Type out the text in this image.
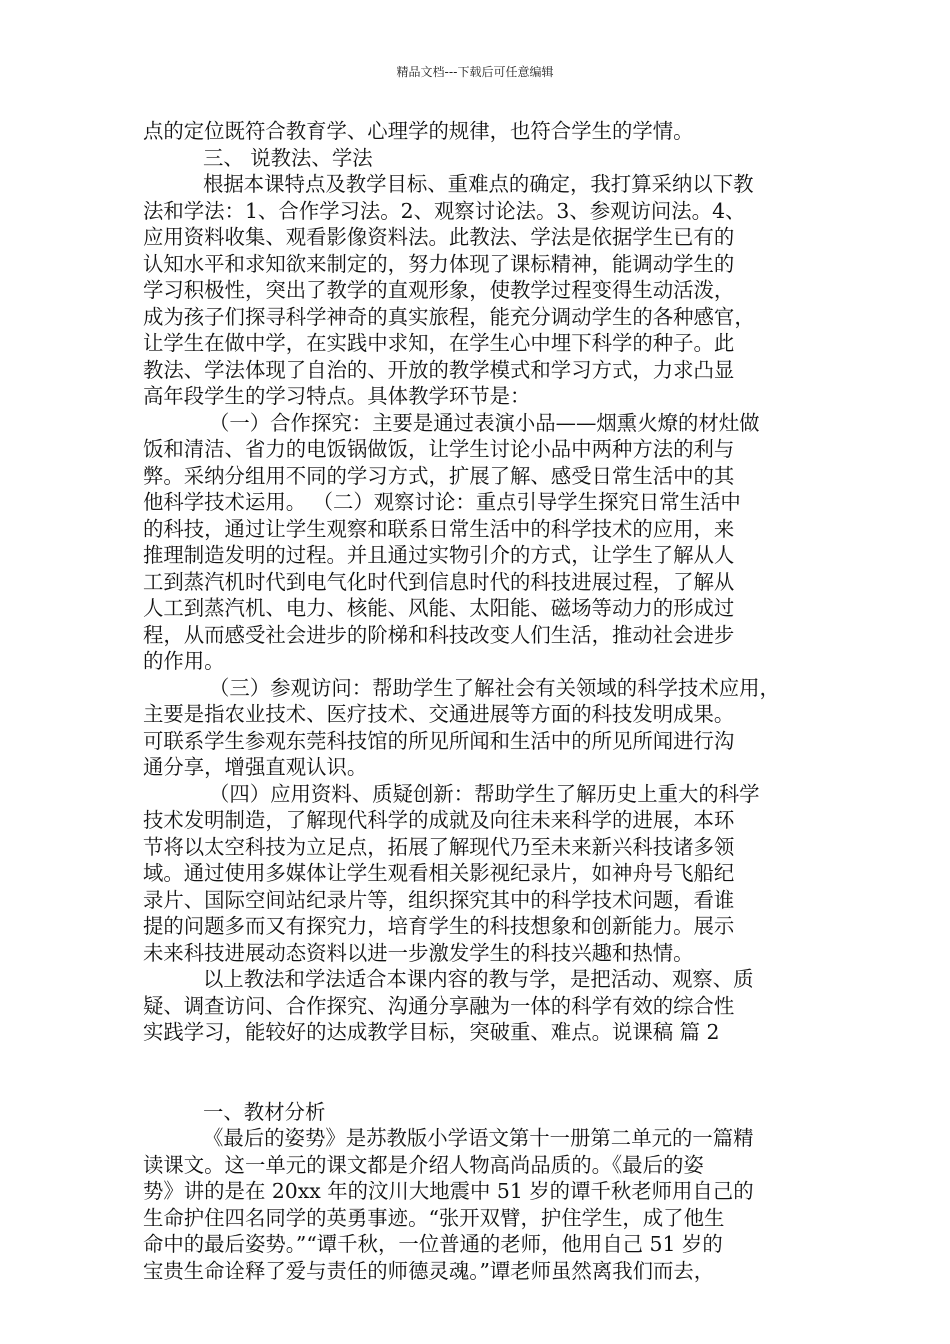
精品文档---下载后可任意编辑
点的定位既符合教育学、心理学的规律，也符合学生的学情。
三、 说教法、学法
根据本课特点及教学目标、重难点的确定，我打算采纳以下教
法和学法：1、合作学习法。2、观察讨论法。3、参观访问法。4、
应用资料收集、观看影像资料法。此教法、学法是依据学生已有的
认知水平和求知欲来制定的，努力体现了课标精神，能调动学生的
学习积极性，突出了教学的直观形象，使教学过程变得生动活泼，
成为孩子们探寻科学神奇的真实旅程，能充分调动学生的各种感官，
让学生在做中学，在实践中求知，在学生心中埋下科学的种子。此
教法、学法体现了自治的、开放的教学模式和学习方式，力求凸显
高年段学生的学习特点。具体教学环节是：
（一）合作探究：主要是通过表演小品——烟熏火燎的材灶做
饭和清洁、省力的电饭锅做饭，让学生讨论小品中两种方法的利与
弊。采纳分组用不同的学习方式，扩展了解、感受日常生活中的其
他科学技术运用。 （二）观察讨论：重点引导学生探究日常生活中
的科技，通过让学生观察和联系日常生活中的科学技术的应用，来
推理制造发明的过程。并且通过实物引介的方式，让学生了解从人
工到蒸汽机时代到电气化时代到信息时代的科技进展过程，了解从
人工到蒸汽机、电力、核能、风能、太阳能、磁场等动力的形成过
程，从而感受社会进步的阶梯和科技改变人们生活，推动社会进步
的作用。
（三）参观访问：帮助学生了解社会有关领域的科学技术应用，
主要是指农业技术、医疗技术、交通进展等方面的科技发明成果。
可联系学生参观东莞科技馆的所见所闻和生活中的所见所闻进行沟
通分享，增强直观认识。
（四）应用资料、质疑创新：帮助学生了解历史上重大的科学
技术发明制造，了解现代科学的成就及向往未来科学的进展，本环
节将以太空科技为立足点，拓展了解现代乃至未来新兴科技诸多领
域。通过使用多媒体让学生观看相关影视纪录片，如神舟号飞船纪
录片、国际空间站纪录片等，组织探究其中的科学技术问题，看谁
提的问题多而又有探究力，培育学生的科技想象和创新能力。展示
未来科技进展动态资料以进一步激发学生的科技兴趣和热情。
以上教法和学法适合本课内容的教与学，是把活动、观察、质
疑、调查访问、合作探究、沟通分享融为一体的科学有效的综合性
实践学习，能较好的达成教学目标，突破重、难点。说课稿 篇 2
一、教材分析
《最后的姿势》是苏教版小学语文第十一册第二单元的一篇精
读课文。这一单元的课文都是介绍人物高尚品质的。《最后的姿
势》讲的是在 20xx 年的汶川大地震中 51 岁的谭千秋老师用自己的
生命护住四名同学的英勇事迹。“张开双臂，护住学生，成了他生
命中的最后姿势。”“谭千秋，一位普通的老师，他用自己 51 岁的
宝贵生命诠释了爱与责任的师德灵魂。”谭老师虽然离我们而去，
